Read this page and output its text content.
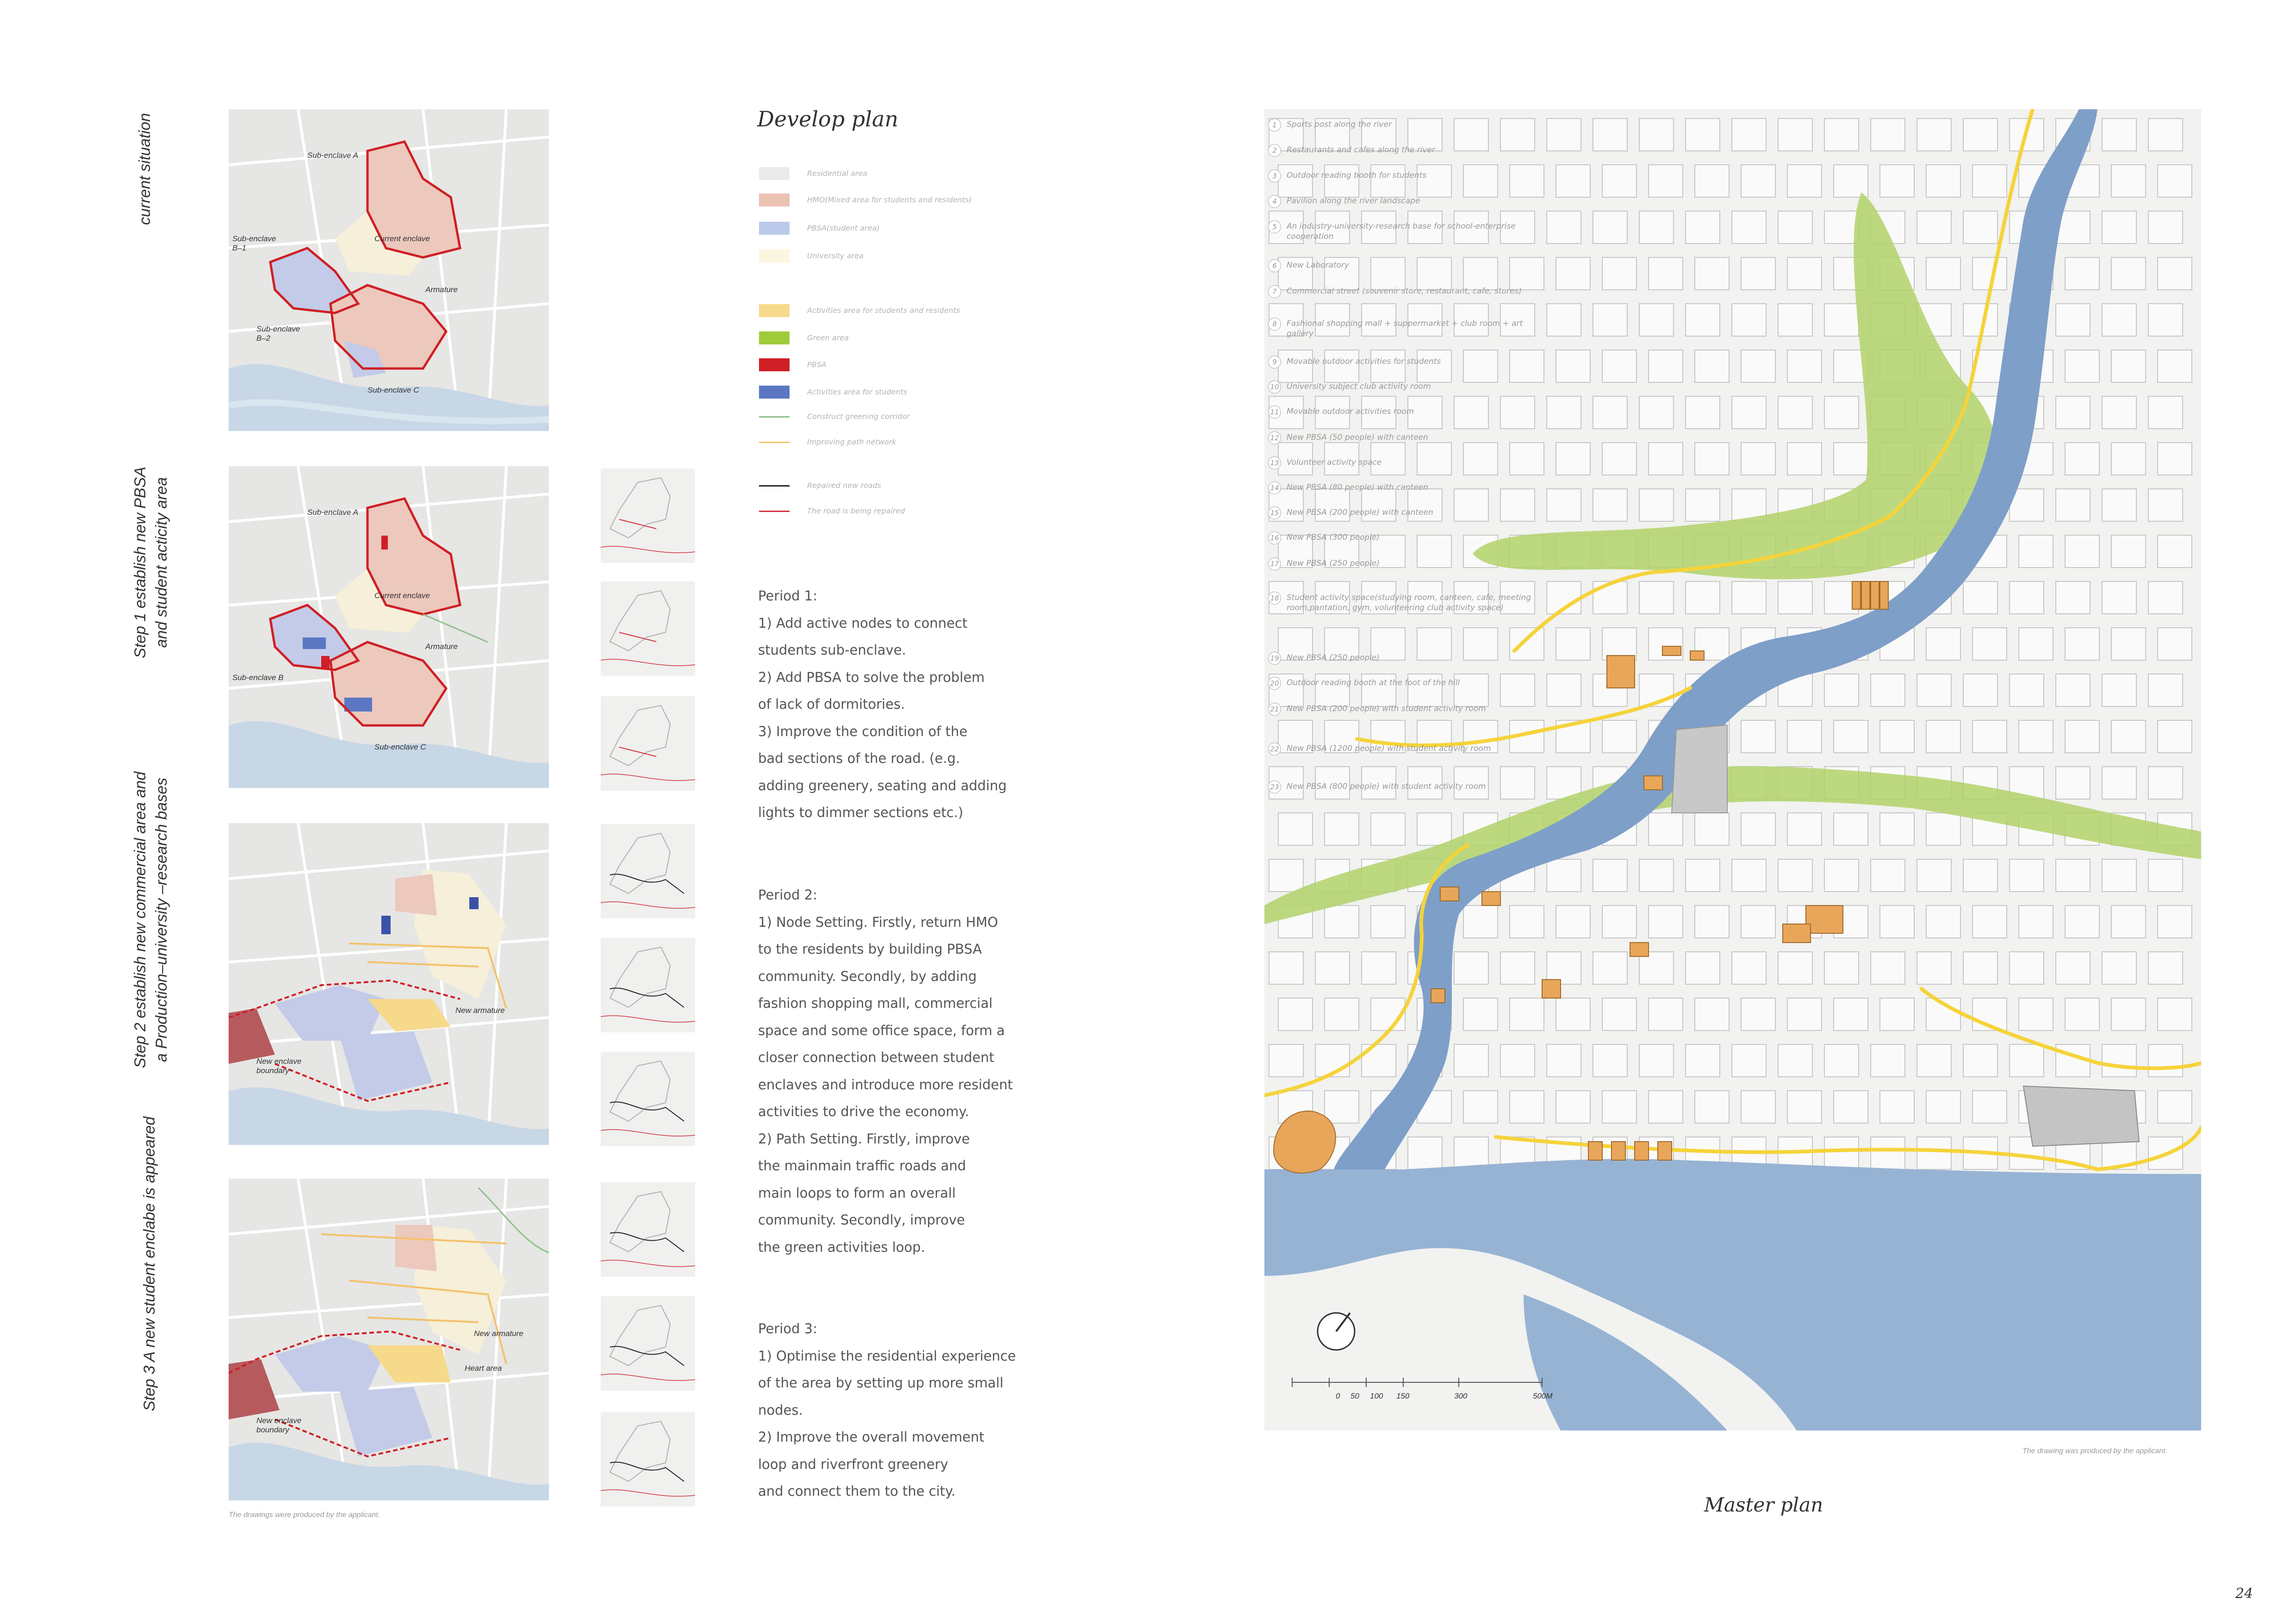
current situation
Step 1 establish new PBSA and student acticity area
Step 2 establish new commercial area and a Production–university –research bases
Step 3 A new student enclabe is appeared
Sub-enclave A
Current enclave
Sub-enclave
B–1
Armature
Sub-enclave
B–2
Sub-enclave C
Sub-enclave A
Current enclave
Armature
Sub-enclave B
Sub-enclave C
New armature
New enclave
boundary
New armature
Heart area
New enclave
boundary
The drawings were produced by the applicant.
Develop plan
Residential area
HMO(Mixed area for students and residents)
PBSA(student area)
University area
Activities area for students and residents
Green area
PBSA
Activities area for students
Construct greening corridor
Improving path network
Repaired new roads
The road is being repaired
Period 1:
1) Add active nodes to connect
students sub-enclave.
2) Add PBSA to solve the problem
of lack of dormitories.
3) Improve the condition of the
bad sections of the road. (e.g.
adding greenery, seating and adding
lights to dimmer sections etc.)
Period 2:
1) Node Setting. Firstly, return HMO
to the residents by building PBSA
community. Secondly, by adding
fashion shopping mall, commercial
space and some office space, form a
closer connection between student
enclaves and introduce more resident
activities to drive the economy.
2) Path Setting. Firstly, improve
the mainmain traffic roads and
main loops to form an overall
community. Secondly, improve
the green activities loop.
Period 3:
1) Optimise the residential experience
of the area by setting up more small
nodes.
2) Improve the overall movement
loop and riverfront greenery
and connect them to the city.
0 50 100 150	300	500M
1 Sports post along the river
2 Restaurants and cafes along the river
3 Outdoor reading booth for students
4 Pavilion along the river landscape
5 An industry-university-research base for school-enterprise cooperation
6 New Laboratory
7 Commercial street (souvenir store, restaurant, cafe, stores)
8 Fashional shopping mall + suppermarket + club room + art gallery
9 Movable outdoor activities for students
10 University subject club activity room
11 Movable outdoor activities room
12 New PBSA (50 people) with canteen
13 Volunteer activity space
14 New PBSA (80 people) with canteen
15 New PBSA (200 people) with canteen
16 New PBSA (300 people)
17 New PBSA (250 people)
18 Student activity space(studying room, canteen, cafe, meeting room,pantation, gym, volunteering club activity space)
19 New PBSA (250 people)
20 Outdoor reading booth at the foot of the hill
21 New PBSA (200 people) with student activity room
22 New PBSA (1200 people) with student activity room
23 New PBSA (800 people) with student activity room
The drawing was produced by the applicant.
Master plan
24
